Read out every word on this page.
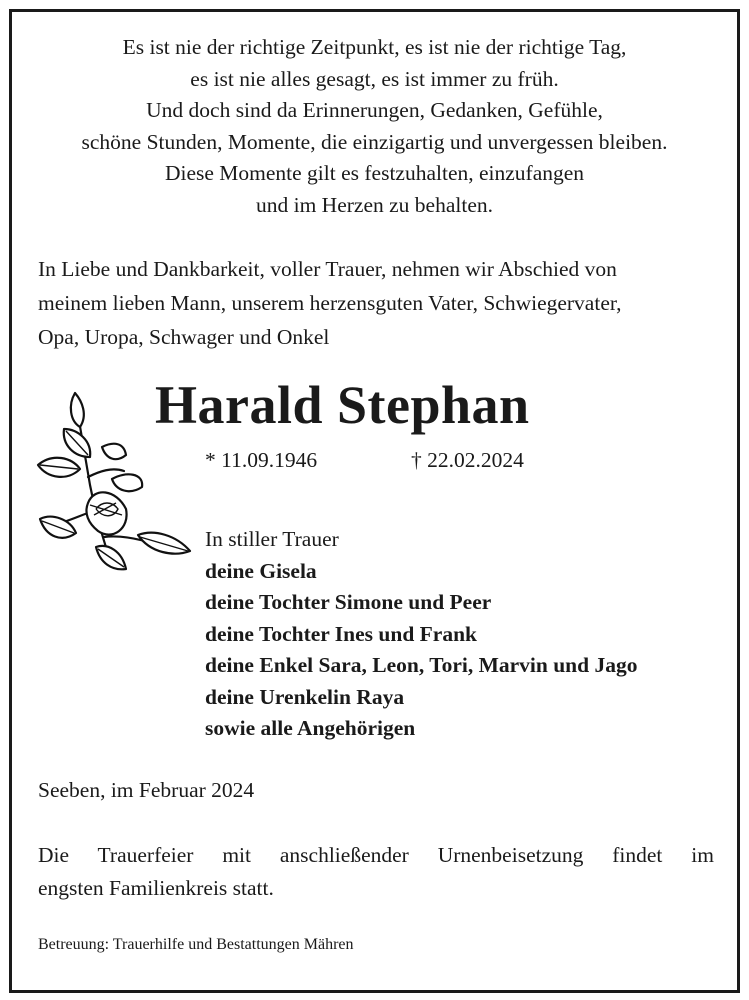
Es ist nie der richtige Zeitpunkt, es ist nie der richtige Tag,
es ist nie alles gesagt, es ist immer zu früh.
Und doch sind da Erinnerungen, Gedanken, Gefühle,
schöne Stunden, Momente, die einzigartig und unvergessen bleiben.
Diese Momente gilt es festzuhalten, einzufangen
und im Herzen zu behalten.
In Liebe und Dankbarkeit, voller Trauer, nehmen wir Abschied von
meinem lieben Mann, unserem herzensguten Vater, Schwiegervater,
Opa, Uropa, Schwager und Onkel
Harald Stephan
* 11.09.1946	† 22.02.2024
In stiller Trauer
deine Gisela
deine Tochter Simone und Peer
deine Tochter Ines und Frank
deine Enkel Sara, Leon, Tori, Marvin und Jago
deine Urenkelin Raya
sowie alle Angehörigen
Seeben, im Februar 2024
Die Trauerfeier mit anschließender Urnenbeisetzung findet im
engsten Familienkreis statt.
Betreuung: Trauerhilfe und Bestattungen Mähren
